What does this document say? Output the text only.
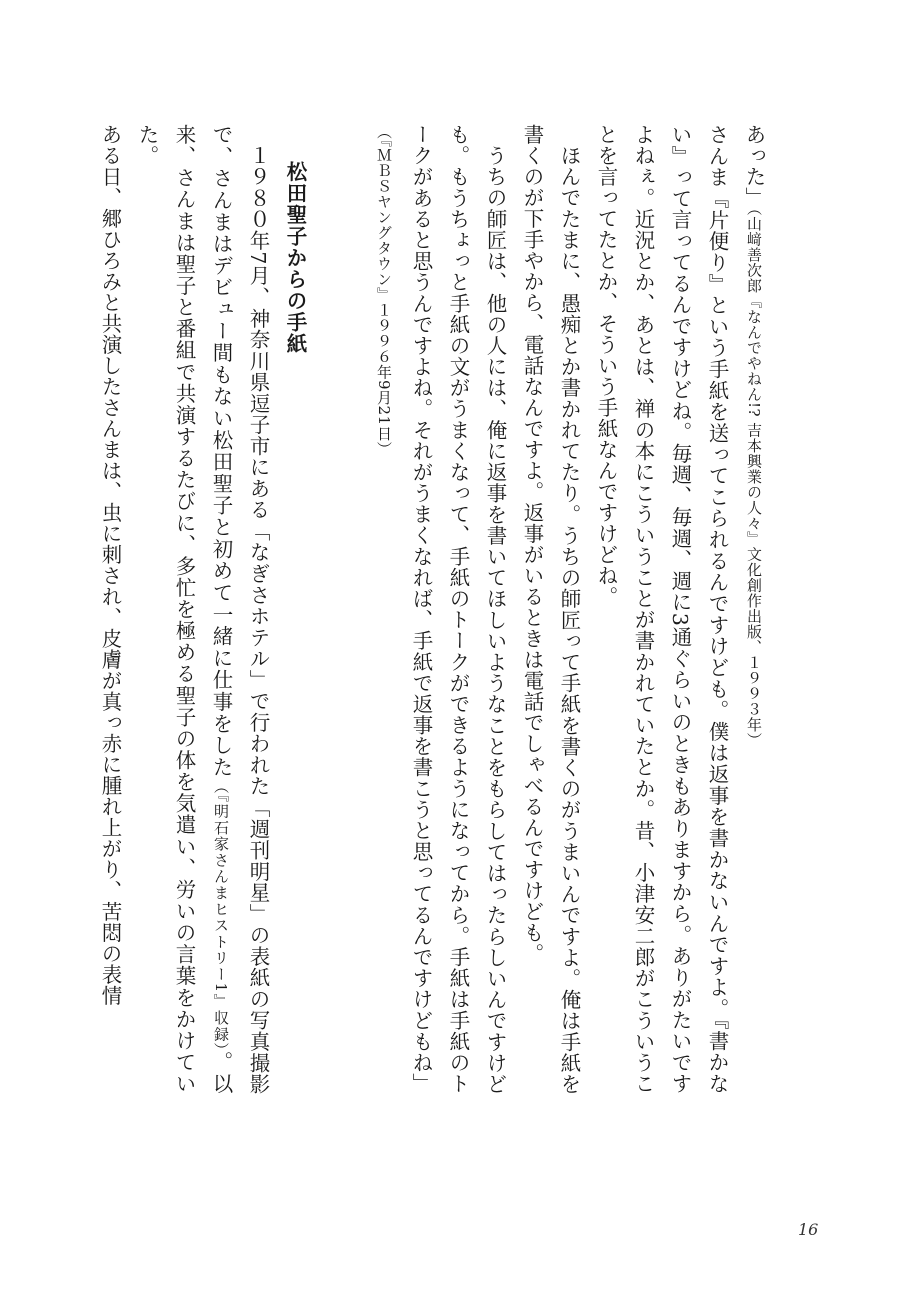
あった」（山﨑善次郎『なんでやねん!? 吉本興業の人々』文化創作出版、１９９３年）

さんま『片便り』という手紙を送ってこられるんですけども。僕は返事を書かないんですよ。『書かない』って言ってるんですけどね。毎週、毎週、週に3通ぐらいのときもありますから。ありがたいですよねぇ。近況とか、あとは、禅の本にこういうことが書かれていたとか。昔、小津安二郎がこういうことを言ってたとか、そういう手紙なんですけどね。

ほんでたまに、愚痴とか書かれてたり。うちの師匠って手紙を書くのがうまいんですよ。俺は手紙を書くのが下手やから、電話なんですよ。返事がいるときは電話でしゃべるんですけども。

うちの師匠は、他の人には、俺に返事を書いてほしいようなことをもらしてはったらしいんですけども。もうちょっと手紙の文がうまくなって、手紙のトークができるようになってから。手紙は手紙のトークがあると思うんですよね。それがうまくなれば、手紙で返事を書こうと思ってるんですけどもね」（『ＭＢＳヤングタウン』１９９６年9月21日）

松田聖子からの手紙

１９８０年7月、神奈川県逗子市にある「なぎさホテル」で行われた「週刊明星」の表紙の写真撮影で、さんまはデビュー間もない松田聖子と初めて一緒に仕事をした（『明石家さんまヒストリー1』収録）。以来、さんまは聖子と番組で共演するたびに、多忙を極める聖子の体を気遣い、労いの言葉をかけていた。

ある日、郷ひろみと共演したさんまは、虫に刺され、皮膚が真っ赤に腫れ上がり、苦悶の表情

16
